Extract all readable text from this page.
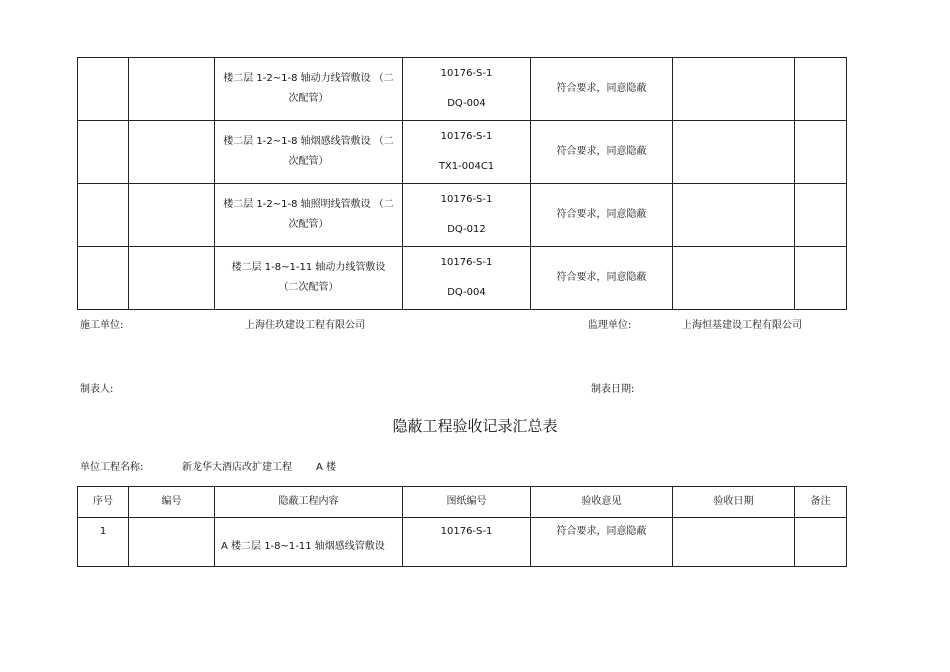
		楼二层 1-2~1-8 轴动力线管敷设 （二
次配管）	10176-S-1
DQ-004	符合要求，同意隐蔽		
		楼二层 1-2~1-8 轴烟感线管敷设 （二
次配管）	10176-S-1
TX1-004C1	符合要求，同意隐蔽		
		楼二层 1-2~1-8 轴照明线管敷设 （二
次配管）	10176-S-1
DQ-012	符合要求，同意隐蔽		
		楼二层 1-8~1-11 轴动力线管敷设
（二次配管）	10176-S-1
DQ-004	符合要求，同意隐蔽		
施工单位:	上海住玖建设工程有限公司	监理单位:	上海恒基建设工程有限公司
制表人:	制表日期:
隐蔽工程验收记录汇总表
单位工程名称:	新龙华大酒店改扩建工程 A 楼
序号	编号	隐蔽工程内容	图纸编号	验收意见	验收日期	备注
1		A 楼二层 1-8~1-11 轴烟感线管敷设	10176-S-1	符合要求，同意隐蔽		
